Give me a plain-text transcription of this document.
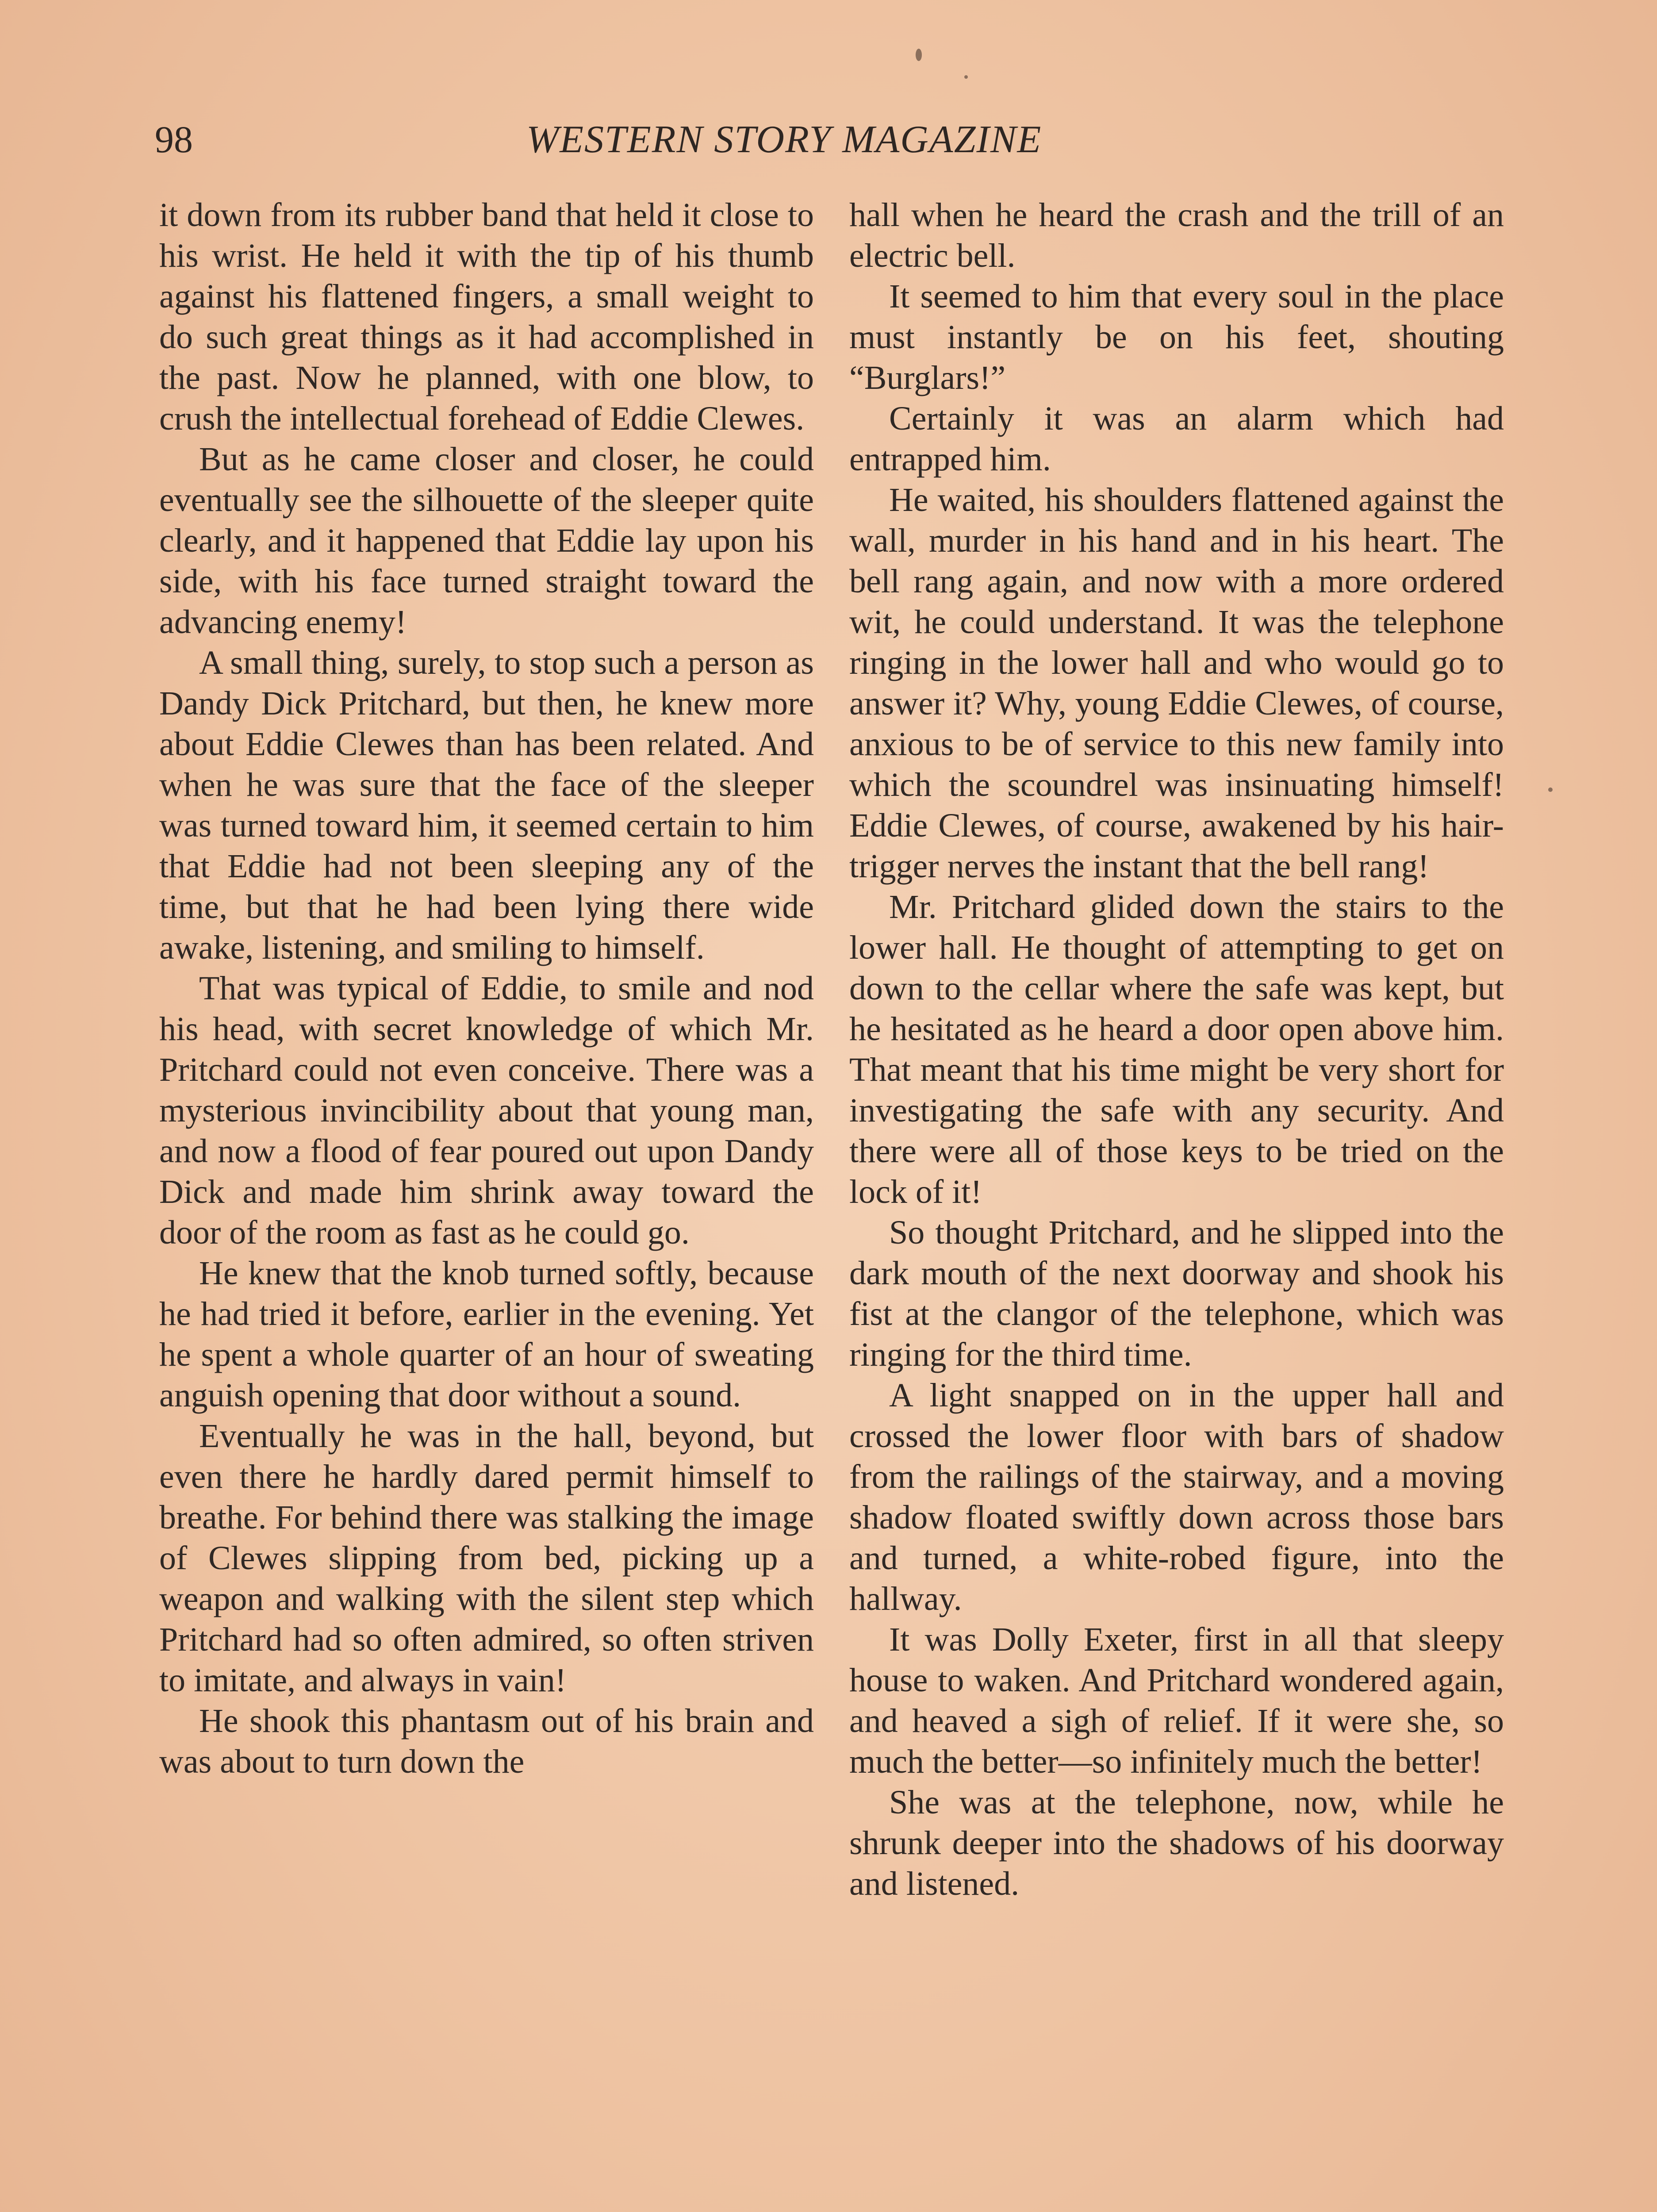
98	WESTERN STORY MAGAZINE

it down from its rubber band that held it close to his wrist. He held it with the tip of his thumb against his flattened fingers, a small weight to do such great things as it had accomplished in the past. Now he planned, with one blow, to crush the intellectual forehead of Eddie Clewes.

But as he came closer and closer, he could eventually see the silhouette of the sleeper quite clearly, and it happened that Eddie lay upon his side, with his face turned straight toward the advancing enemy!

A small thing, surely, to stop such a person as Dandy Dick Pritchard, but then, he knew more about Eddie Clewes than has been related. And when he was sure that the face of the sleeper was turned toward him, it seemed certain to him that Eddie had not been sleeping any of the time, but that he had been lying there wide awake, listening, and smiling to himself.

That was typical of Eddie, to smile and nod his head, with secret knowledge of which Mr. Pritchard could not even conceive. There was a mysterious invincibility about that young man, and now a flood of fear poured out upon Dandy Dick and made him shrink away toward the door of the room as fast as he could go.

He knew that the knob turned softly, because he had tried it before, earlier in the evening. Yet he spent a whole quarter of an hour of sweating anguish opening that door without a sound.

Eventually he was in the hall, beyond, but even there he hardly dared permit himself to breathe. For behind there was stalking the image of Clewes slipping from bed, picking up a weapon and walking with the silent step which Pritchard had so often admired, so often striven to imitate, and always in vain!

He shook this phantasm out of his brain and was about to turn down the

hall when he heard the crash and the trill of an electric bell.

It seemed to him that every soul in the place must instantly be on his feet, shouting “Burglars!”

Certainly it was an alarm which had entrapped him.

He waited, his shoulders flattened against the wall, murder in his hand and in his heart. The bell rang again, and now with a more ordered wit, he could understand. It was the telephone ringing in the lower hall and who would go to answer it? Why, young Eddie Clewes, of course, anxious to be of service to this new family into which the scoundrel was insinuating himself! Eddie Clewes, of course, awakened by his hair-trigger nerves the instant that the bell rang!

Mr. Pritchard glided down the stairs to the lower hall. He thought of attempting to get on down to the cellar where the safe was kept, but he hesitated as he heard a door open above him. That meant that his time might be very short for investigating the safe with any security. And there were all of those keys to be tried on the lock of it!

So thought Pritchard, and he slipped into the dark mouth of the next doorway and shook his fist at the clangor of the telephone, which was ringing for the third time.

A light snapped on in the upper hall and crossed the lower floor with bars of shadow from the railings of the stairway, and a moving shadow floated swiftly down across those bars and turned, a white-robed figure, into the hallway.

It was Dolly Exeter, first in all that sleepy house to waken. And Pritchard wondered again, and heaved a sigh of relief. If it were she, so much the better—so infinitely much the better!

She was at the telephone, now, while he shrunk deeper into the shadows of his doorway and listened.
